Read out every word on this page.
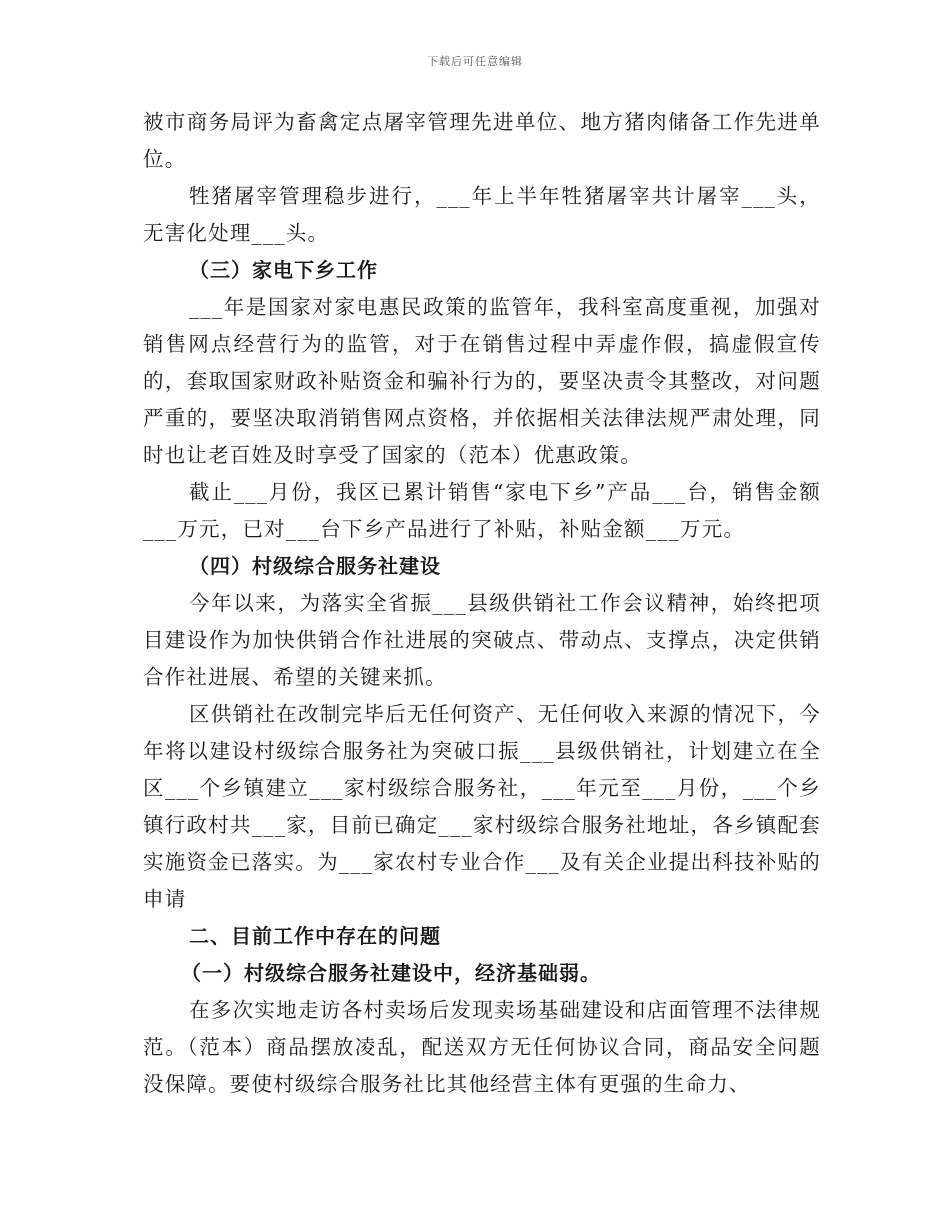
下载后可任意编辑

被市商务局评为畜禽定点屠宰管理先进单位、地方猪肉储备工作先进单位。

牲猪屠宰管理稳步进行，___年上半年牲猪屠宰共计屠宰___头，无害化处理___头。

（三）家电下乡工作

___年是国家对家电惠民政策的监管年，我科室高度重视，加强对销售网点经营行为的监管，对于在销售过程中弄虚作假，搞虚假宣传的，套取国家财政补贴资金和骗补行为的，要坚决责令其整改，对问题严重的，要坚决取消销售网点资格，并依据相关法律法规严肃处理，同时也让老百姓及时享受了国家的（范本）优惠政策。

截止___月份，我区已累计销售“家电下乡”产品___台，销售金额___万元，已对___台下乡产品进行了补贴，补贴金额___万元。

（四）村级综合服务社建设

今年以来，为落实全省振___县级供销社工作会议精神，始终把项目建设作为加快供销合作社进展的突破点、带动点、支撑点，决定供销合作社进展、希望的关键来抓。

区供销社在改制完毕后无任何资产、无任何收入来源的情况下，今年将以建设村级综合服务社为突破口振___县级供销社，计划建立在全区___个乡镇建立___家村级综合服务社，___年元至___月份，___个乡镇行政村共___家，目前已确定___家村级综合服务社地址，各乡镇配套实施资金已落实。为___家农村专业合作___及有关企业提出科技补贴的申请

二、目前工作中存在的问题

（一）村级综合服务社建设中，经济基础弱。

在多次实地走访各村卖场后发现卖场基础建设和店面管理不法律规范。（范本）商品摆放凌乱，配送双方无任何协议合同，商品安全问题没保障。要使村级综合服务社比其他经营主体有更强的生命力、
